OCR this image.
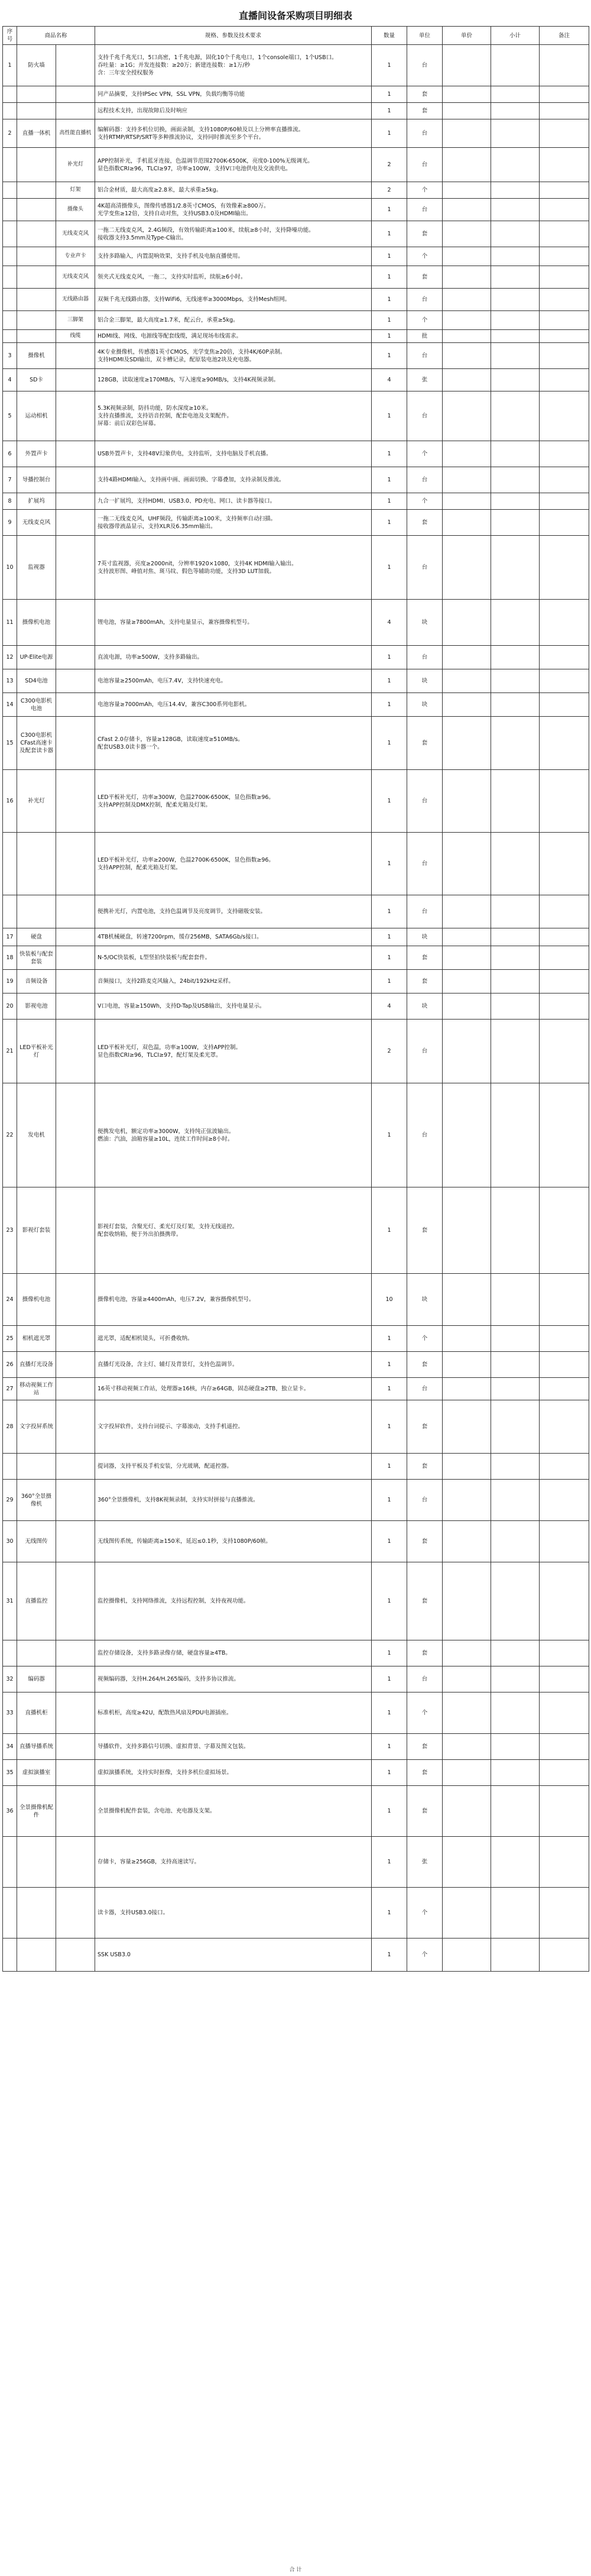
直播间设备采购项目明细表
序号	商品名称		规格、参数及技术要求	数量	单位	单价	小计	备注
1	防火墙		支持千兆千兆光口，5口高密，1千兆电源，固化10个千兆电口，1个console端口，1个USB口。
吞吐量：≥1G；并发连接数：≥20万；新建连接数：≥1万/秒
含：三年安全授权服务	1	台			
			同产品摘要，支持IPSec VPN，SSL VPN，负载均衡等功能	1	套			
			远程技术支持，出现故障后及时响应	1	套			
2	直播一体机	高性能直播机	编解码器：支持多机位切换，画面录制，支持1080P/60帧及以上分辨率直播推流。
支持RTMP/RTSP/SRT等多种推流协议，支持同时推流至多个平台。	1	台			
		补光灯	APP控制补光，手机蓝牙连接，色温调节范围2700K-6500K，亮度0-100%无级调光。
显色指数CRI≥96，TLCI≥97，功率≥100W，支持V口电池供电及交流供电。	2	台			
		灯架	铝合金材质，最大高度≥2.8米，最大承重≥5kg。	2	个			
		摄像头	4K超高清摄像头，图像传感器1/2.8英寸CMOS，有效像素≥800万。
光学变焦≥12倍，支持自动对焦，支持USB3.0及HDMI输出。	1	台			
		无线麦克风	一拖二无线麦克风，2.4G频段，有效传输距离≥100米，续航≥8小时，支持降噪功能。
接收器支持3.5mm及Type-C输出。	1	套			
		专业声卡	支持多路输入，内置混响效果，支持手机及电脑直播使用。	1	个			
		无线麦克风	领夹式无线麦克风，一拖二，支持实时监听，续航≥6小时。	1	套			
		无线路由器	双频千兆无线路由器，支持WiFi6，无线速率≥3000Mbps，支持Mesh组网。	1	台			
		三脚架	铝合金三脚架，最大高度≥1.7米，配云台，承重≥5kg。	1	个			
		线缆	HDMI线、网线、电源线等配套线缆，满足现场布线需求。	1	批			
3	摄像机		4K专业摄像机，传感器1英寸CMOS，光学变焦≥20倍，支持4K/60P录制。
支持HDMI及SDI输出，双卡槽记录，配原装电池2块及充电器。	1	台			
4	SD卡		128GB，读取速度≥170MB/s，写入速度≥90MB/s，支持4K视频录制。	4	张			
5	运动相机		5.3K视频录制，防抖功能，防水深度≥10米。
支持直播推流，支持语音控制，配套电池及支架配件。
屏幕：前后双彩色屏幕。	1	台			
6	外置声卡		USB外置声卡，支持48V幻象供电，支持监听，支持电脑及手机直播。	1	个			
7	导播控制台		支持4路HDMI输入，支持画中画、画面切换、字幕叠加，支持录制及推流。	1	台			
8	扩展坞		九合一扩展坞，支持HDMI、USB3.0、PD充电、网口、读卡器等接口。	1	个			
9	无线麦克风		一拖二无线麦克风，UHF频段，传输距离≥100米，支持频率自动扫描。
接收器带液晶显示，支持XLR及6.35mm输出。	1	套			
10	监视器		7英寸监视器，亮度≥2000nit，分辨率1920×1080，支持4K HDMI输入输出。
支持波形图、峰值对焦、斑马纹、假色等辅助功能，支持3D LUT加载。	1	台			
11	摄像机电池		锂电池，容量≥7800mAh，支持电量显示，兼容摄像机型号。	4	块			
12	UP-Elite电源		直流电源，功率≥500W，支持多路输出。	1	台			
13	SD4电池		电池容量≥2500mAh，电压7.4V，支持快速充电。	1	块			
14	C300电影机电池		电池容量≥7000mAh，电压14.4V，兼容C300系列电影机。	1	块			
15	C300电影机CFast高速卡及配套读卡器		CFast 2.0存储卡，容量≥128GB，读取速度≥510MB/s。
配套USB3.0读卡器一个。	1	套			
16	补光灯		LED平板补光灯，功率≥300W，色温2700K-6500K，显色指数≥96。
支持APP控制及DMX控制，配柔光箱及灯架。	1	台			
			LED平板补光灯，功率≥200W，色温2700K-6500K，显色指数≥96。
支持APP控制，配柔光箱及灯架。	1	台			
			便携补光灯，内置电池，支持色温调节及亮度调节，支持磁吸安装。	1	台			
17	硬盘		4TB机械硬盘，转速7200rpm，缓存256MB，SATA6Gb/s接口。	1	块			
18	快装板与配套套装		N-5/OC快装板，L型竖拍快装板与配套套件。	1	套			
19	音频设备		音频接口，支持2路麦克风输入，24bit/192kHz采样。	1	套			
20	影视电池		V口电池，容量≥150Wh，支持D-Tap及USB输出，支持电量显示。	4	块			
21	LED平板补光灯		LED平板补光灯，双色温，功率≥100W，支持APP控制。
显色指数CRI≥96，TLCI≥97，配灯架及柔光罩。	2	台			
22	发电机		便携发电机，额定功率≥3000W，支持纯正弦波输出。
燃油：汽油，油箱容量≥10L，连续工作时间≥8小时。	1	台			
23	影视灯套装		影视灯套装，含聚光灯、柔光灯及灯架，支持无线遥控。
配套收纳箱，便于外出拍摄携带。	1	套			
24	摄像机电池		摄像机电池，容量≥4400mAh，电压7.2V，兼容摄像机型号。	10	块			
25	相机遮光罩		遮光罩，适配相机镜头，可折叠收纳。	1	个			
26	直播灯光设备		直播灯光设备，含主灯、辅灯及背景灯，支持色温调节。	1	套			
27	移动视频工作站		16英寸移动视频工作站，处理器≥16核，内存≥64GB，固态硬盘≥2TB，独立显卡。	1	台			
28	文字投屏系统		文字投屏软件，支持台词提示、字幕滚动，支持手机遥控。	1	套			
			提词器，支持平板及手机安装，分光玻璃，配遥控器。	1	套			
29	360°全景摄像机		360°全景摄像机，支持8K视频录制，支持实时拼接与直播推流。	1	台			
30	无线图传		无线图传系统，传输距离≥150米，延迟≤0.1秒，支持1080P/60帧。	1	套			
31	直播监控		监控摄像机，支持网络推流，支持远程控制，支持夜视功能。	1	套			
			监控存储设备，支持多路录像存储，硬盘容量≥4TB。	1	套			
32	编码器		视频编码器，支持H.264/H.265编码，支持多协议推流。	1	台			
33	直播机柜		标准机柜，高度≥42U，配散热风扇及PDU电源插座。	1	个			
34	直播导播系统		导播软件，支持多路信号切换、虚拟背景、字幕及图文包装。	1	套			
35	虚拟演播室		虚拟演播系统，支持实时抠像，支持多机位虚拟场景。	1	套			
36	全景摄像机配件		全景摄像机配件套装，含电池、充电器及支架。	1	套			
			存储卡，容量≥256GB，支持高速读写。	1	张			
			读卡器，支持USB3.0接口。	1	个			
			SSK USB3.0	1	个			
合 计
